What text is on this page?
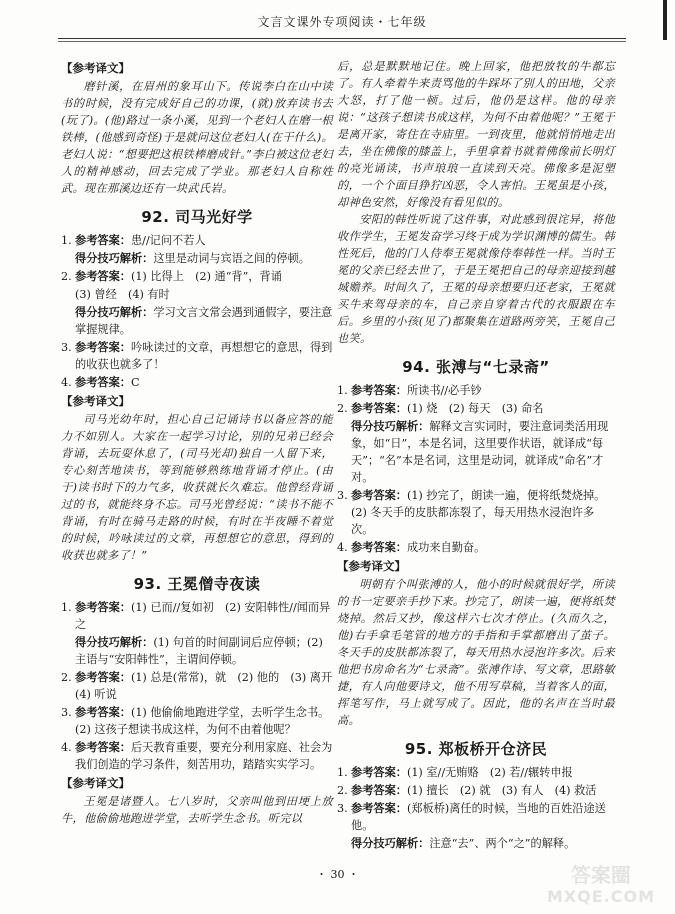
文言文课外专项阅读・七年级
【参考译文】
磨针溪，在眉州的象耳山下。传说李白在山中读书的时候，没有完成好自己的功课，(就)放弃读书去(玩了)。(他)路过一条小溪，见到一个老妇人在磨一根铁棒，(他感到奇怪)于是就问这位老妇人(在干什么)。老妇人说：“想要把这根铁棒磨成针。”李白被这位老妇人的精神感动，回去完成了学业。那老妇人自称姓武。现在那溪边还有一块武氏岩。
92. 司马光好学
1. 参考答案：患//记问不若人
得分技巧解析：这里是动词与宾语之间的停顿。
2. 参考答案：(1) 比得上　(2) 通“背”，背诵
(3) 曾经　(4) 有时
得分技巧解析：学习文言文常会遇到通假字，要注意掌握规律。
3. 参考答案：吟咏读过的文章，再想想它的意思，得到的收获也就多了！
4. 参考答案：C
【参考译文】
司马光幼年时，担心自己记诵诗书以备应答的能力不如别人。大家在一起学习讨论，别的兄弟已经会背诵，去玩耍休息了，(司马光却)独自一人留下来，专心刻苦地读书，等到能够熟练地背诵才停止。(由于)读书时下的力气多，收获就长久难忘。他曾经背诵过的书，就能终身不忘。司马光曾经说：“读书不能不背诵，有时在骑马走路的时候，有时在半夜睡不着觉的时候，吟咏读过的文章，再想想它的意思，得到的收获也就多了！”
93. 王冕僧寺夜读
1. 参考答案：(1) 已而//复如初　(2) 安阳韩性//闻而异之
得分技巧解析：(1) 句首的时间副词后应停顿；(2)主语与“安阳韩性”，主谓间停顿。
2. 参考答案：(1) 总是(常常)，就　(2) 他的　(3) 离开　(4) 听说
3. 参考答案：(1) 他偷偷地跑进学堂，去听学生念书。　(2) 这孩子想读书成这样，为何不由着他呢？
4. 参考答案：后天教育重要，要充分利用家庭、社会为我们创造的学习条件，刻苦用功，踏踏实实学习。
【参考译文】
王冕是诸暨人。七八岁时，父亲叫他到田埂上放牛，他偷偷地跑进学堂，去听学生念书。听完以
后，总是默默地记住。晚上回家，他把放牧的牛都忘了。有人牵着牛来责骂他的牛踩坏了别人的田地，父亲大怒，打了他一顿。过后，他仍是这样。他的母亲说：“这孩子想读书成这样，为何不由着他呢？”王冕于是离开家，寄住在寺庙里。一到夜里，他就悄悄地走出去，坐在佛像的膝盖上，手里拿着书就着佛像前长明灯的亮光诵读，书声琅琅一直读到天亮。佛像多是泥塑的，一个个面目狰狞凶恶，令人害怕。王冕虽是小孩，却神色安然，好像没有看见似的。
安阳的韩性听说了这件事，对此感到很诧异，将他收作学生，王冕发奋学习终于成为学识渊博的儒生。韩性死后，他的门人侍奉王冕就像侍奉韩性一样。当时王冕的父亲已经去世了，于是王冕把自己的母亲迎接到越城赡养。时间久了，王冕的母亲想要归还老家，王冕就买牛来驾母亲的车，自己亲自穿着古代的衣服跟在车后。乡里的小孩(见了)都聚集在道路两旁笑，王冕自己也笑。
94. 张溥与“七录斋”
1. 参考答案：所读书//必手钞
2. 参考答案：(1) 烧　(2) 每天　(3) 命名
得分技巧解析：解释文言实词时，要注意词类活用现象，如“日”，本是名词，这里要作状语，就译成“每天”；“名”本是名词，这里是动词，就译成“命名”才对。
3. 参考答案：(1) 抄完了，朗读一遍，便将纸焚烧掉。　(2) 冬天手的皮肤都冻裂了，每天用热水浸泡许多次。
4. 参考答案：成功来自勤奋。
【参考译文】
明朝有个叫张溥的人，他小的时候就很好学，所读的书一定要亲手抄下来。抄完了，朗读一遍，便将纸焚烧掉。然后又抄，像这样六七次才停止。(久而久之，他)右手拿毛笔管的地方的手指和手掌都磨出了茧子。冬天手的皮肤都冻裂了，每天用热水浸泡许多次。后来他把书房命名为“七录斋”。张溥作诗、写文章，思路敏捷，有人向他要诗文，他不用写草稿，当着客人的面，挥笔写作，马上就写成了。因此，他的名声在当时最高。
95. 郑板桥开仓济民
1. 参考答案：(1) 室//无贿赂　(2) 若//辗转申报
2. 参考答案：(1) 擅长　(2) 就　(3) 有人　(4) 救活
3. 参考答案：(郑板桥)离任的时候，当地的百姓沿途送他。
得分技巧解析：注意“去”、两个“之”的解释。
・ 30 ・	答案圈
MXQE.COM
